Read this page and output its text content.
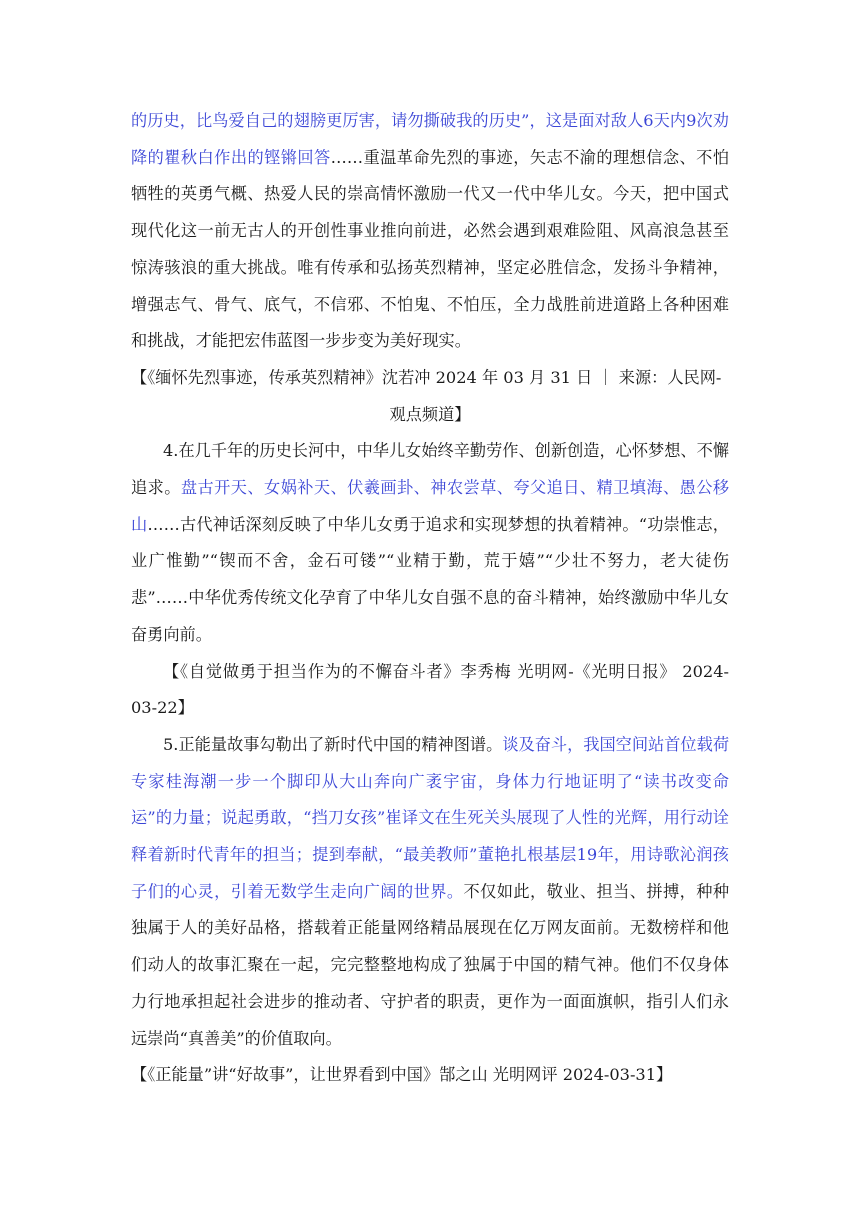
的历史，比鸟爱自己的翅膀更厉害，请勿撕破我的历史”，这是面对敌人6天内9次劝降的瞿秋白作出的铿锵回答……重温革命先烈的事迹，矢志不渝的理想信念、不怕牺牲的英勇气概、热爱人民的崇高情怀激励一代又一代中华儿女。今天，把中国式现代化这一前无古人的开创性事业推向前进，必然会遇到艰难险阻、风高浪急甚至惊涛骇浪的重大挑战。唯有传承和弘扬英烈精神，坚定必胜信念，发扬斗争精神，增强志气、骨气、底气，不信邪、不怕鬼、不怕压，全力战胜前进道路上各种困难和挑战，才能把宏伟蓝图一步步变为美好现实。

【《缅怀先烈事迹，传承英烈精神》沈若冲 2024 年 03 月 31 日 ｜ 来源：人民网-

观点频道】

4.在几千年的历史长河中，中华儿女始终辛勤劳作、创新创造，心怀梦想、不懈追求。盘古开天、女娲补天、伏羲画卦、神农尝草、夸父追日、精卫填海、愚公移山……古代神话深刻反映了中华儿女勇于追求和实现梦想的执着精神。“功崇惟志，业广惟勤”“锲而不舍，金石可镂”“业精于勤，荒于嬉”“少壮不努力，老大徒伤悲”……中华优秀传统文化孕育了中华儿女自强不息的奋斗精神，始终激励中华儿女奋勇向前。

【《自觉做勇于担当作为的不懈奋斗者》李秀梅 光明网-《光明日报》 2024-03-22】

5.正能量故事勾勒出了新时代中国的精神图谱。谈及奋斗，我国空间站首位载荷专家桂海潮一步一个脚印从大山奔向广袤宇宙，身体力行地证明了“读书改变命运”的力量；说起勇敢，“挡刀女孩”崔译文在生死关头展现了人性的光辉，用行动诠释着新时代青年的担当；提到奉献，“最美教师”董艳扎根基层19年，用诗歌沁润孩子们的心灵，引着无数学生走向广阔的世界。不仅如此，敬业、担当、拼搏，种种独属于人的美好品格，搭载着正能量网络精品展现在亿万网友面前。无数榜样和他们动人的故事汇聚在一起，完完整整地构成了独属于中国的精气神。他们不仅身体力行地承担起社会进步的推动者、守护者的职责，更作为一面面旗帜，指引人们永远崇尚“真善美”的价值取向。

【《正能量”讲“好故事”，让世界看到中国》郜之山 光明网评 2024-03-31】
